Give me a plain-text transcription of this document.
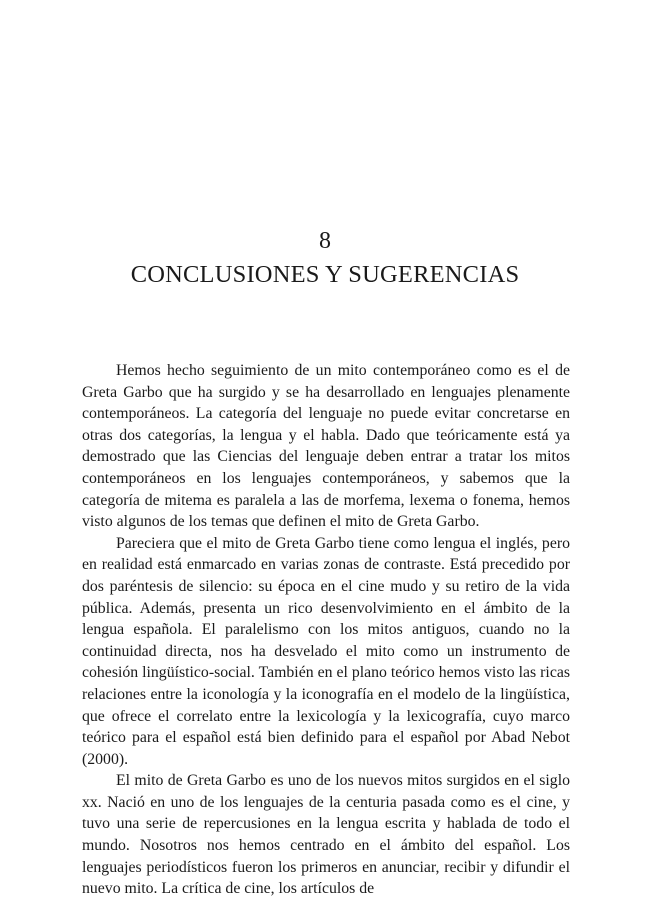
8
CONCLUSIONES Y SUGERENCIAS

Hemos hecho seguimiento de un mito contemporáneo como es el de Greta Garbo que ha surgido y se ha desarrollado en lenguajes plenamente contemporáneos. La categoría del lenguaje no puede evitar concretarse en otras dos categorías, la lengua y el habla. Dado que teóricamente está ya demostrado que las Ciencias del lenguaje deben entrar a tratar los mitos contemporáneos en los lenguajes contemporáneos, y sabemos que la categoría de mitema es paralela a las de morfema, lexema o fonema, hemos visto algunos de los temas que definen el mito de Greta Garbo.

Pareciera que el mito de Greta Garbo tiene como lengua el inglés, pero en realidad está enmarcado en varias zonas de contraste. Está precedido por dos paréntesis de silencio: su época en el cine mudo y su retiro de la vida pública. Además, presenta un rico desenvolvimiento en el ámbito de la lengua española. El paralelismo con los mitos antiguos, cuando no la continuidad directa, nos ha desvelado el mito como un instrumento de cohesión lingüístico-social. También en el plano teórico hemos visto las ricas relaciones entre la iconología y la iconografía en el modelo de la lingüística, que ofrece el correlato entre la lexicología y la lexicografía, cuyo marco teórico para el español está bien definido para el español por Abad Nebot (2000).

El mito de Greta Garbo es uno de los nuevos mitos surgidos en el siglo xx. Nació en uno de los lenguajes de la centuria pasada como es el cine, y tuvo una serie de repercusiones en la lengua escrita y hablada de todo el mundo. Nosotros nos hemos centrado en el ámbito del español. Los lenguajes periodísticos fueron los primeros en anunciar, recibir y difundir el nuevo mito. La crítica de cine, los artículos de
